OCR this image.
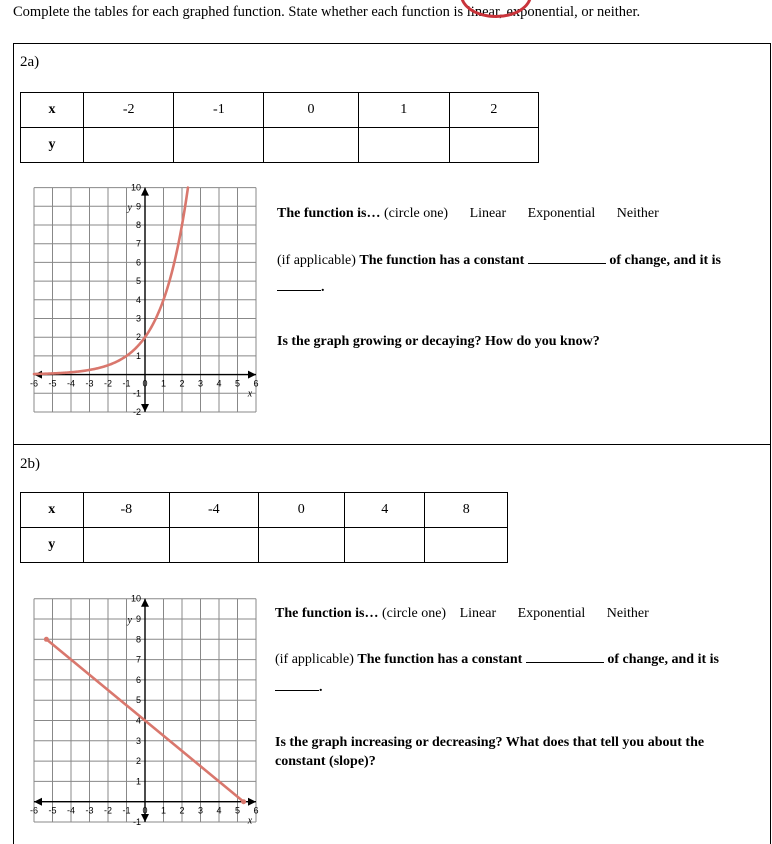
Complete the tables for each graphed function. State whether each function is linear, exponential, or neither.
2a)
x	-2	-1	0	1	2
y					
-6 -5 -4 -3 -2 -1 0 1 2 3 4 5 6
10
9
8
7
6
5
4
3
2
1
-1
-2
y
x
The function is… (circle one) Linear Exponential Neither
(if applicable) The function has a constant	of change, and it is
.
Is the graph growing or decaying? How do you know?
2b)
x	-8	-4	0	4	8
y					
-6 -5 -4 -3 -2 -1 0 1 2 3 4 5 6
10
9
8
7
6
5
4
3
2
1
-1
y
x
The function is… (circle one) Linear Exponential Neither
(if applicable) The function has a constant	of change, and it is
.
Is the graph increasing or decreasing? What does that tell you about the
constant (slope)?
